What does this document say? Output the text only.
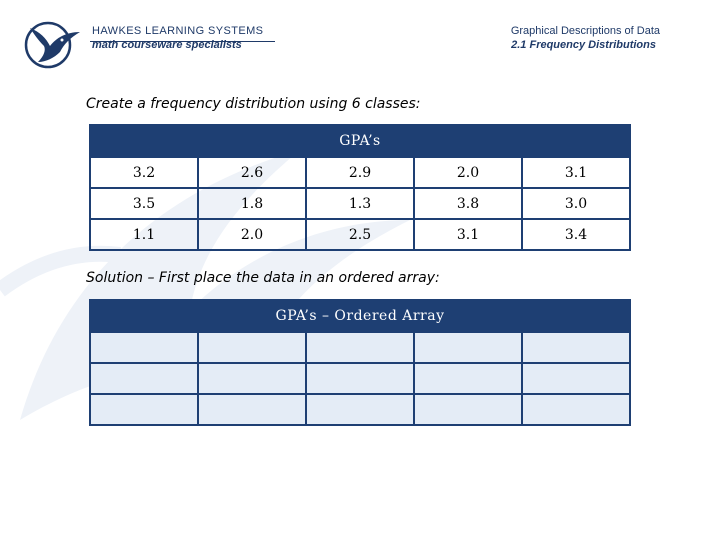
HAWKES LEARNING SYSTEMS
math courseware specialists
Graphical Descriptions of Data
2.1 Frequency Distributions
Create a frequency distribution using 6 classes:
GPA’s				
3.2	2.6	2.9	2.0	3.1
3.5	1.8	1.3	3.8	3.0
1.1	2.0	2.5	3.1	3.4
Solution – First place the data in an ordered array:
GPA’s – Ordered Array				
